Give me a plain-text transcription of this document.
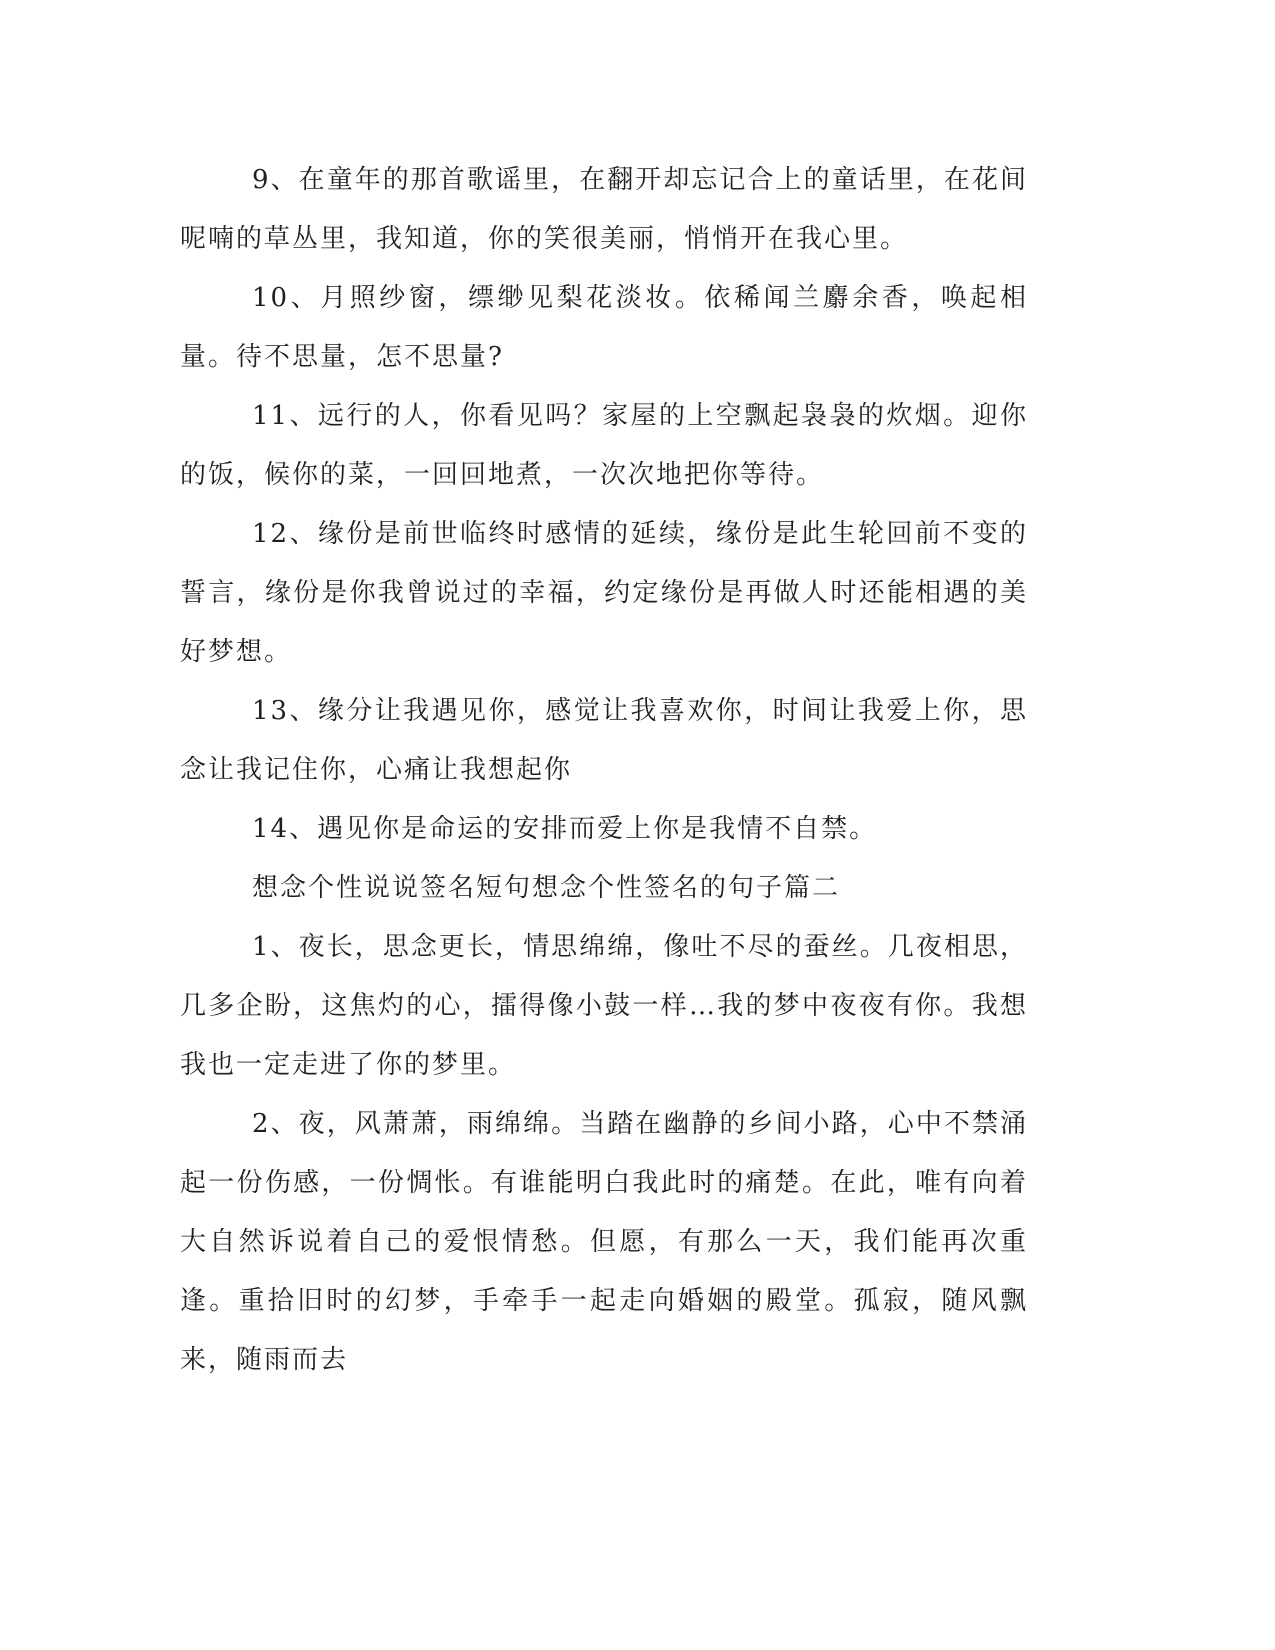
9、在童年的那首歌谣里，在翻开却忘记合上的童话里，在花间呢喃的草丛里，我知道，你的笑很美丽，悄悄开在我心里。

10、月照纱窗，缥缈见梨花淡妆。依稀闻兰麝余香，唤起相量。待不思量，怎不思量?

11、远行的人，你看见吗？家屋的上空飘起袅袅的炊烟。迎你的饭，候你的菜，一回回地煮，一次次地把你等待。

12、缘份是前世临终时感情的延续，缘份是此生轮回前不变的誓言，缘份是你我曾说过的幸福，约定缘份是再做人时还能相遇的美好梦想。

13、缘分让我遇见你，感觉让我喜欢你，时间让我爱上你，思念让我记住你，心痛让我想起你

14、遇见你是命运的安排而爱上你是我情不自禁。

想念个性说说签名短句想念个性签名的句子篇二

1、夜长，思念更长，情思绵绵，像吐不尽的蚕丝。几夜相思，几多企盼，这焦灼的心，擂得像小鼓一样…我的梦中夜夜有你。我想我也一定走进了你的梦里。

2、夜，风萧萧，雨绵绵。当踏在幽静的乡间小路，心中不禁涌起一份伤感，一份惆怅。有谁能明白我此时的痛楚。在此，唯有向着大自然诉说着自己的爱恨情愁。但愿，有那么一天，我们能再次重逢。重拾旧时的幻梦，手牵手一起走向婚姻的殿堂。孤寂，随风飘来，随雨而去
